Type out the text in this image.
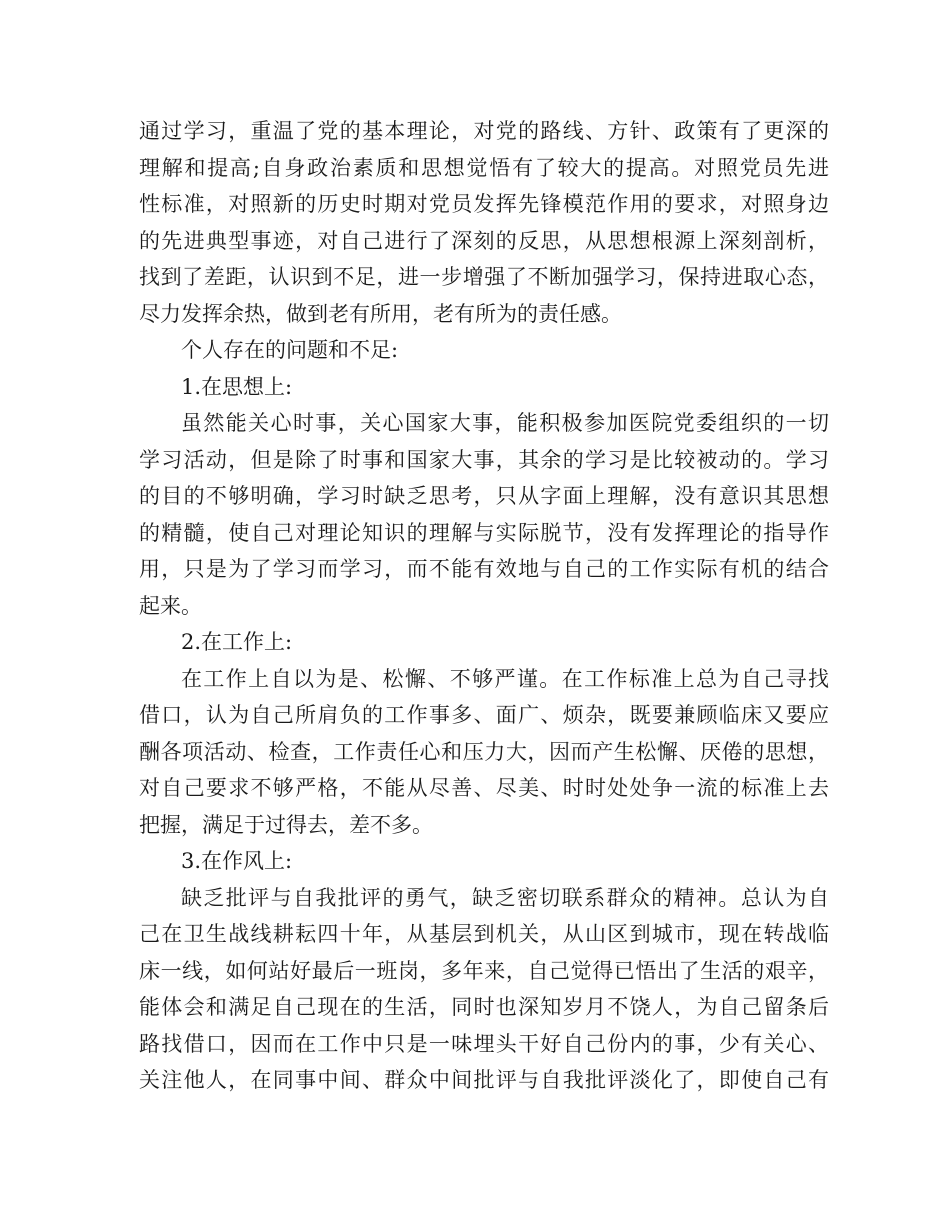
通过学习，重温了党的基本理论，对党的路线、方针、政策有了更深的
理解和提高;自身政治素质和思想觉悟有了较大的提高。对照党员先进
性标准，对照新的历史时期对党员发挥先锋模范作用的要求，对照身边
的先进典型事迹，对自己进行了深刻的反思，从思想根源上深刻剖析，
找到了差距，认识到不足，进一步增强了不断加强学习，保持进取心态，
尽力发挥余热，做到老有所用，老有所为的责任感。
个人存在的问题和不足:
1.在思想上:
虽然能关心时事，关心国家大事，能积极参加医院党委组织的一切
学习活动，但是除了时事和国家大事，其余的学习是比较被动的。学习
的目的不够明确，学习时缺乏思考，只从字面上理解，没有意识其思想
的精髓，使自己对理论知识的理解与实际脱节，没有发挥理论的指导作
用，只是为了学习而学习，而不能有效地与自己的工作实际有机的结合
起来。
2.在工作上:
在工作上自以为是、松懈、不够严谨。在工作标准上总为自己寻找
借口，认为自己所肩负的工作事多、面广、烦杂，既要兼顾临床又要应
酬各项活动、检查，工作责任心和压力大，因而产生松懈、厌倦的思想，
对自己要求不够严格，不能从尽善、尽美、时时处处争一流的标准上去
把握，满足于过得去，差不多。
3.在作风上:
缺乏批评与自我批评的勇气，缺乏密切联系群众的精神。总认为自
己在卫生战线耕耘四十年，从基层到机关，从山区到城市，现在转战临
床一线，如何站好最后一班岗，多年来，自己觉得已悟出了生活的艰辛，
能体会和满足自己现在的生活，同时也深知岁月不饶人，为自己留条后
路找借口，因而在工作中只是一味埋头干好自己份内的事，少有关心、
关注他人，在同事中间、群众中间批评与自我批评淡化了，即使自己有
